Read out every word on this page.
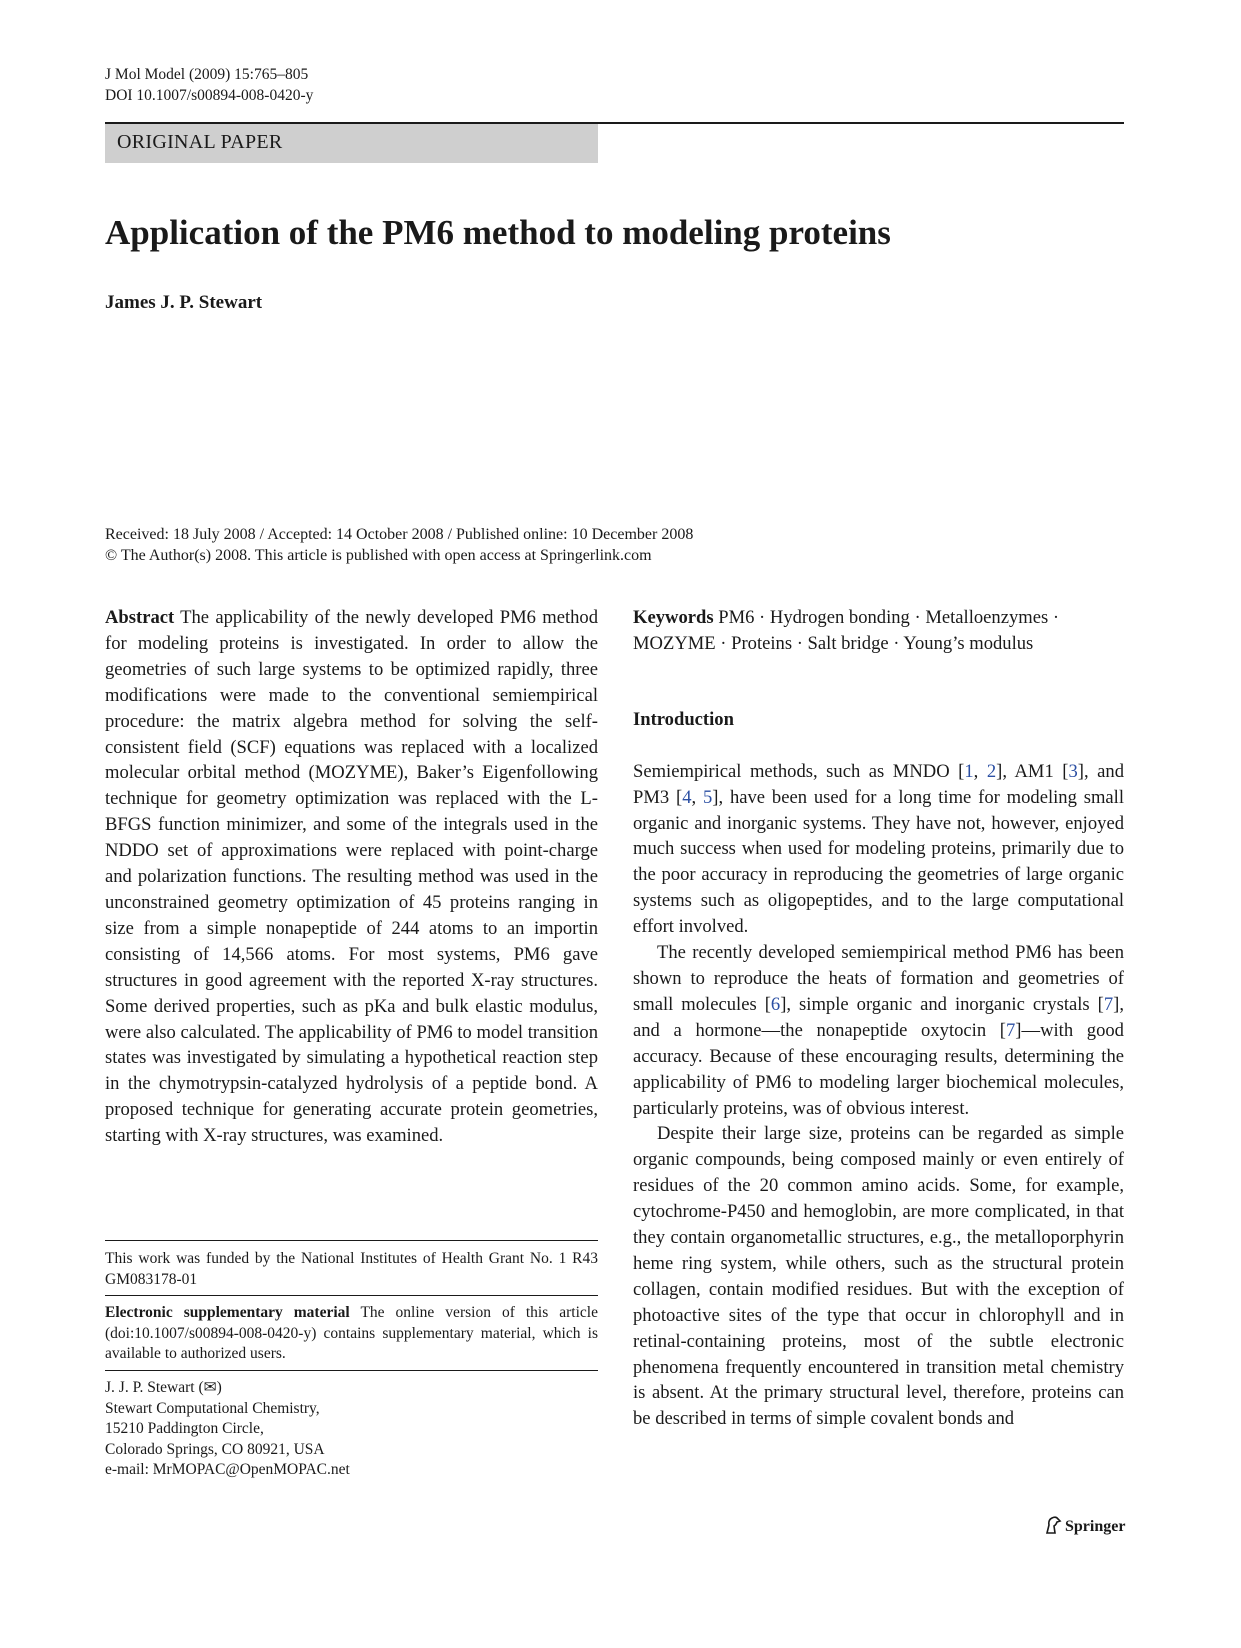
J Mol Model (2009) 15:765–805
DOI 10.1007/s00894-008-0420-y
ORIGINAL PAPER
Application of the PM6 method to modeling proteins
James J. P. Stewart
Received: 18 July 2008 / Accepted: 14 October 2008 / Published online: 10 December 2008
© The Author(s) 2008. This article is published with open access at Springerlink.com

Abstract The applicability of the newly developed PM6 method for modeling proteins is investigated. In order to allow the geometries of such large systems to be optimized rapidly, three modifications were made to the conventional semiempirical procedure: the matrix algebra method for solving the self-consistent field (SCF) equations was replaced with a localized molecular orbital method (MOZYME), Baker’s Eigenfollowing technique for geometry optimization was replaced with the L-BFGS function minimizer, and some of the integrals used in the NDDO set of approximations were replaced with point-charge and polarization functions. The resulting method was used in the unconstrained geometry optimization of 45 proteins ranging in size from a simple nonapeptide of 244 atoms to an importin consisting of 14,566 atoms. For most systems, PM6 gave structures in good agreement with the reported X-ray structures. Some derived properties, such as pKa and bulk elastic modulus, were also calculated. The applicability of PM6 to model transition states was investigated by simulating a hypothetical reaction step in the chymotrypsin-catalyzed hydrolysis of a peptide bond. A proposed technique for generating accurate protein geometries, starting with X-ray structures, was examined.

This work was funded by the National Institutes of Health Grant No. 1 R43 GM083178-01
Electronic supplementary material The online version of this article (doi:10.1007/s00894-008-0420-y) contains supplementary material, which is available to authorized users.
J. J. P. Stewart (✉)
Stewart Computational Chemistry,
15210 Paddington Circle,
Colorado Springs, CO 80921, USA
e-mail: MrMOPAC@OpenMOPAC.net

Keywords PM6 · Hydrogen bonding · Metalloenzymes · MOZYME · Proteins · Salt bridge · Young’s modulus

Introduction

Semiempirical methods, such as MNDO [1, 2], AM1 [3], and PM3 [4, 5], have been used for a long time for modeling small organic and inorganic systems. They have not, however, enjoyed much success when used for modeling proteins, primarily due to the poor accuracy in reproducing the geometries of large organic systems such as oligopeptides, and to the large computational effort involved.

The recently developed semiempirical method PM6 has been shown to reproduce the heats of formation and geometries of small molecules [6], simple organic and inorganic crystals [7], and a hormone—the nonapeptide oxytocin [7]—with good accuracy. Because of these encouraging results, determining the applicability of PM6 to modeling larger biochemical molecules, particularly proteins, was of obvious interest.

Despite their large size, proteins can be regarded as simple organic compounds, being composed mainly or even entirely of residues of the 20 common amino acids. Some, for example, cytochrome-P450 and hemoglobin, are more complicated, in that they contain organometallic structures, e.g., the metalloporphyrin heme ring system, while others, such as the structural protein collagen, contain modified residues. But with the exception of photoactive sites of the type that occur in chlorophyll and in retinal-containing proteins, most of the subtle electronic phenomena frequently encountered in transition metal chemistry is absent. At the primary structural level, therefore, proteins can be described in terms of simple covalent bonds and

Springer
